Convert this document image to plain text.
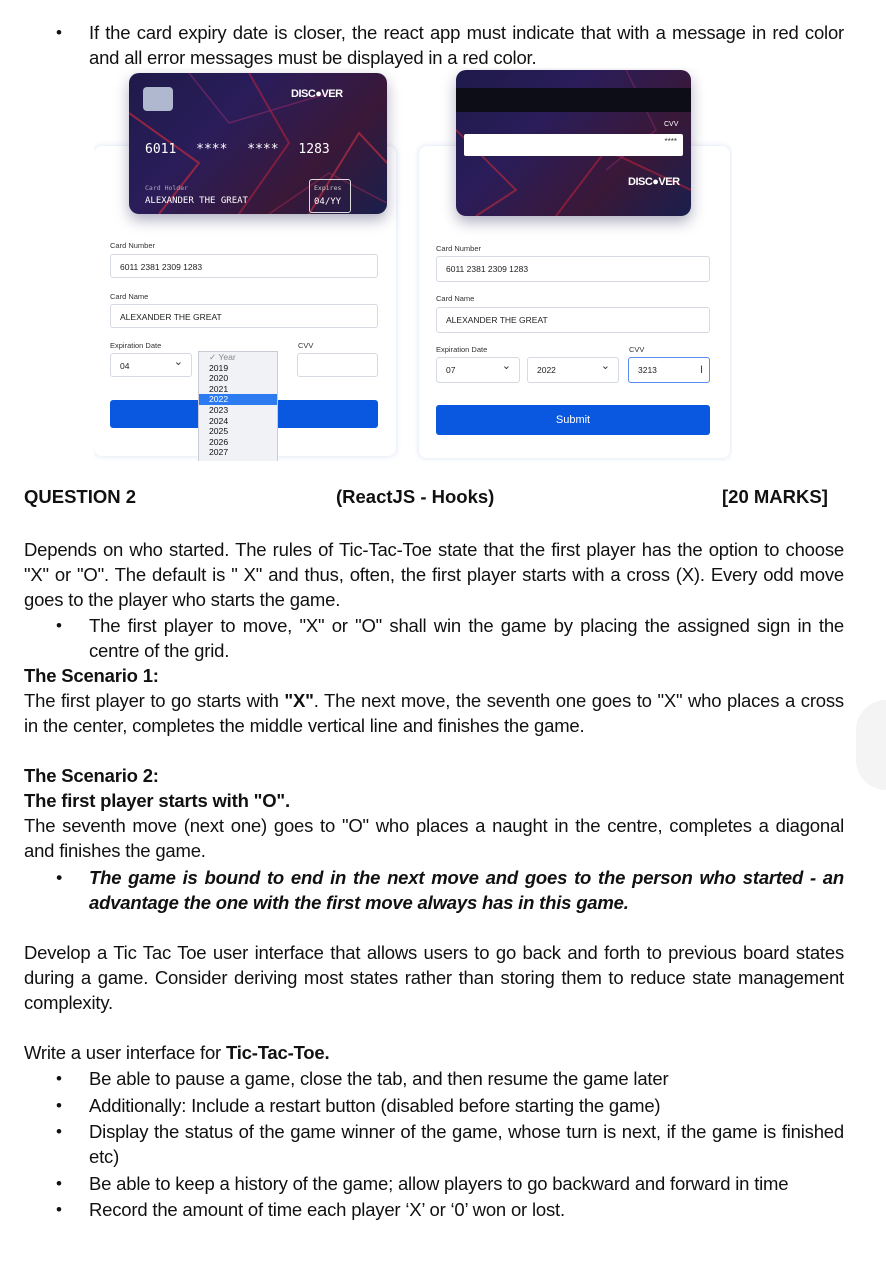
• If the card expiry date is closer, the react app must indicate that with a message in red color and all error messages must be displayed in a red color.
DISC●VER
6011 **** **** 1283
Card Holder
ALEXANDER THE GREAT
Expires
04/YY
CVV
****
DISC●VER
Card Number
6011 2381 2309 1283
Card Name
ALEXANDER THE GREAT
Expiration Date	CVV
04 ⌄
✓ Year
2019
2020
2021
2022
2023
2024
2025
2026
2027
Card Number
6011 2381 2309 1283
Card Name
ALEXANDER THE GREAT
Expiration Date	CVV
07 ⌄	2022 ⌄	3213	I
Submit
QUESTION 2	(ReactJS - Hooks)	[20 MARKS]
Depends on who started. The rules of Tic-Tac-Toe state that the first player has the option to choose "X" or "O". The default is " X" and thus, often, the first player starts with a cross (X). Every odd move goes to the player who starts the game.
• The first player to move, "X" or "O" shall win the game by placing the assigned sign in the centre of the grid.
The Scenario 1:
The first player to go starts with "X". The next move, the seventh one goes to "X" who places a cross in the center, completes the middle vertical line and finishes the game.
The Scenario 2:
The first player starts with "O".
The seventh move (next one) goes to "O" who places a naught in the centre, completes a diagonal and finishes the game.
• The game is bound to end in the next move and goes to the person who started - an advantage the one with the first move always has in this game.
Develop a Tic Tac Toe user interface that allows users to go back and forth to previous board states during a game. Consider deriving most states rather than storing them to reduce state management complexity.
Write a user interface for Tic-Tac-Toe.
• Be able to pause a game, close the tab, and then resume the game later
• Additionally: Include a restart button (disabled before starting the game)
• Display the status of the game winner of the game, whose turn is next, if the game is finished etc)
• Be able to keep a history of the game; allow players to go backward and forward in time
• Record the amount of time each player ‘X’ or ‘0’ won or lost.
